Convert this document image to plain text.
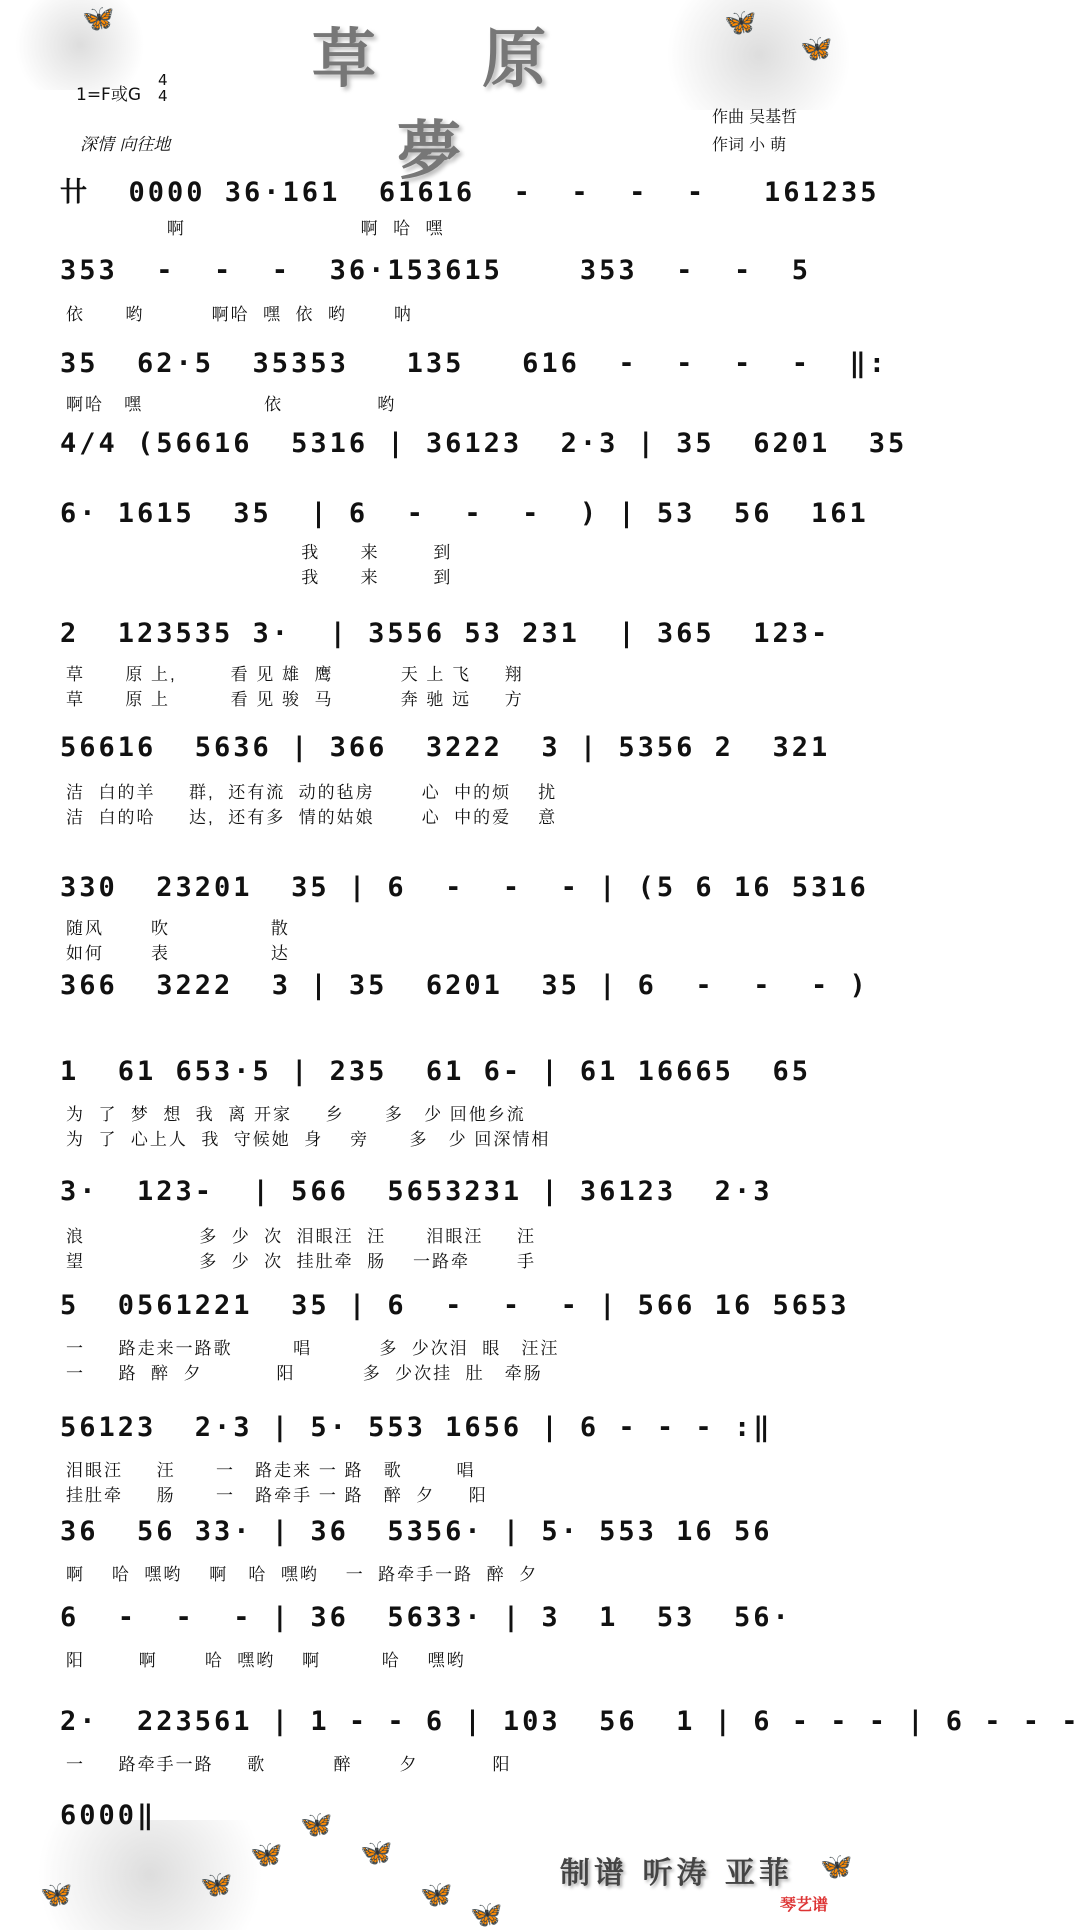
🦋	🦋
🦋
草 原 夢
1=F或G
4
4
深情 向往地
作曲 吴基哲
作词 小 萌
卄  0000 36·161  61616  -  -  -  -   161235
啊                          啊  哈  嘿
353  -  -  -  36·153615    353  -  -  5
依      哟          啊哈  嘿  依  哟       呐
35  62·5  35353   135   616  -  -  -  -  ‖:
啊哈   嘿                  依              哟
4/4 (56616  5316 | 36123  2·3 | 35  6201  35
6· 1615  35  | 6  -  -  -  ) | 53  56  161
我      来        到
我      来        到
2  123535 3·  | 3556 53 231  | 365  123-
草      原 上,        看 见 雄  鹰          天 上 飞     翔
草      原 上         看 见 骏  马          奔 驰 远     方
56616  5636 | 366  3222  3 | 5356 2  321
洁  白的羊     群,  还有流  动的毡房       心  中的烦    扰
洁  白的哈     达,  还有多  情的姑娘       心  中的爱    意
330  23201  35 | 6  -  -  - | (5 6 16 5316
随风       吹               散
如何       表               达
366  3222  3 | 35  6201  35 | 6  -  -  - )
1  61 653·5 | 235  61 6- | 61 16665  65
为  了  梦  想  我  离 开家     乡      多   少 回他乡流
为  了  心上人  我  守候她  身    旁      多   少 回深情相
3·  123-  | 566  5653231 | 36123  2·3
浪                 多  少  次  泪眼汪  汪      泪眼汪     汪
望                 多  少  次  挂肚牵  肠    一路牵       手
5  0561221  35 | 6  -  -  - | 566 16 5653
一     路走来一路歌         唱          多  少次泪  眼   汪汪
一     路  醉  夕           阳          多  少次挂  肚   牵肠
56123  2·3 | 5· 553 1656 | 6 - - - :‖
泪眼汪     汪      一   路走来 一 路   歌        唱
挂肚牵     肠      一   路牵手 一 路   醉  夕     阳
36  56 33· | 36  5356· | 5· 553 16 56
啊    哈  嘿哟    啊   哈  嘿哟    一  路牵手一路  醉  夕
6  -  -  - | 36  5633· | 3  1  53  56·
阳        啊       哈  嘿哟    啊         哈    嘿哟
2·  223561 | 1 - - 6 | 103  56  1 | 6 - - - | 6 - - -
一     路牵手一路     歌          醉       夕           阳
6000‖	🦋
🦋	🦋
🦋	🦋
🦋
🦋
🦋
制谱 听涛 亚菲
琴艺谱
